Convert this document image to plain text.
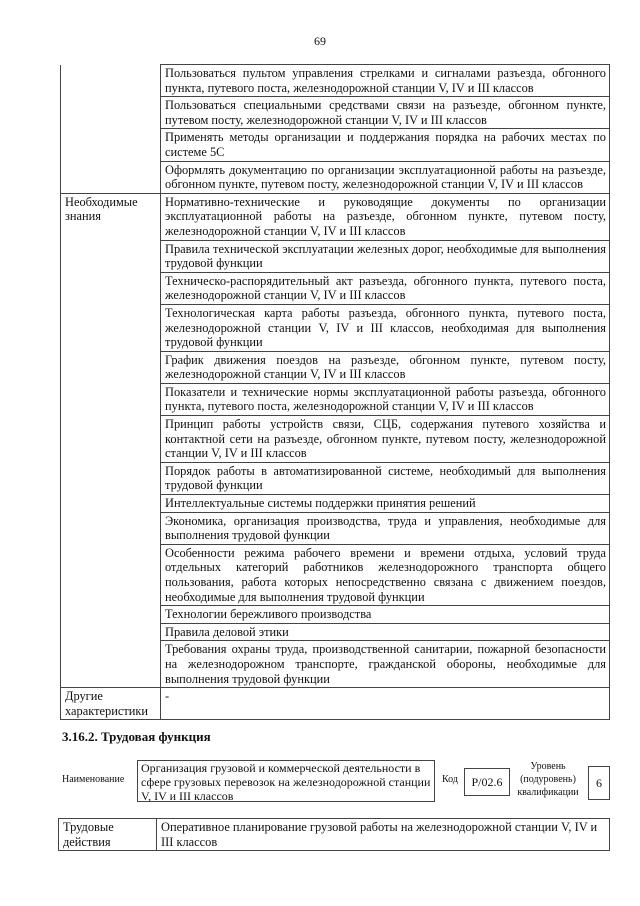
69
	Пользоваться пультом управления стрелками и сигналами разъезда, обгонного пункта, путевого поста, железнодорожной станции V, IV и III классов
	Пользоваться специальными средствами связи на разъезде, обгонном пункте, путевом посту, железнодорожной станции V, IV и III классов
	Применять методы организации и поддержания порядка на рабочих местах по системе 5С
	Оформлять документацию по организации эксплуатационной работы на разъезде, обгонном пункте, путевом посту, железнодорожной станции V, IV и III классов
Необходимые знания	Нормативно-технические и руководящие документы по организации эксплуатационной работы на разъезде, обгонном пункте, путевом посту, железнодорожной станции V, IV и III классов
	Правила технической эксплуатации железных дорог, необходимые для выполнения трудовой функции
	Техническо-распорядительный акт разъезда, обгонного пункта, путевого поста, железнодорожной станции V, IV и III классов
	Технологическая карта работы разъезда, обгонного пункта, путевого поста, железнодорожной станции V, IV и III классов, необходимая для выполнения трудовой функции
	График движения поездов на разъезде, обгонном пункте, путевом посту, железнодорожной станции V, IV и III классов
	Показатели и технические нормы эксплуатационной работы разъезда, обгонного пункта, путевого поста, железнодорожной станции V, IV и III классов
	Принцип работы устройств связи, СЦБ, содержания путевого хозяйства и контактной сети на разъезде, обгонном пункте, путевом посту, железнодорожной станции V, IV и III классов
	Порядок работы в автоматизированной системе, необходимый для выполнения трудовой функции
	Интеллектуальные системы поддержки принятия решений
	Экономика, организация производства, труда и управления, необходимые для выполнения трудовой функции
	Особенности режима рабочего времени и времени отдыха, условий труда отдельных категорий работников железнодорожного транспорта общего пользования, работа которых непосредственно связана с движением поездов, необходимые для выполнения трудовой функции
	Технологии бережливого производства
	Правила деловой этики
	Требования охраны труда, производственной санитарии, пожарной безопасности на железнодорожном транспорте, гражданской обороны, необходимые для выполнения трудовой функции
Другие характеристики	-
3.16.2. Трудовая функция
Наименование
Организация грузовой и коммерческой деятельности в сфере грузовых перевозок на железнодорожной станции V, IV и III классов
Код	P/02.6
Уровень (подуровень) квалификации
6
Трудовые действия	Оперативное планирование грузовой работы на железнодорожной станции V, IV и III классов
